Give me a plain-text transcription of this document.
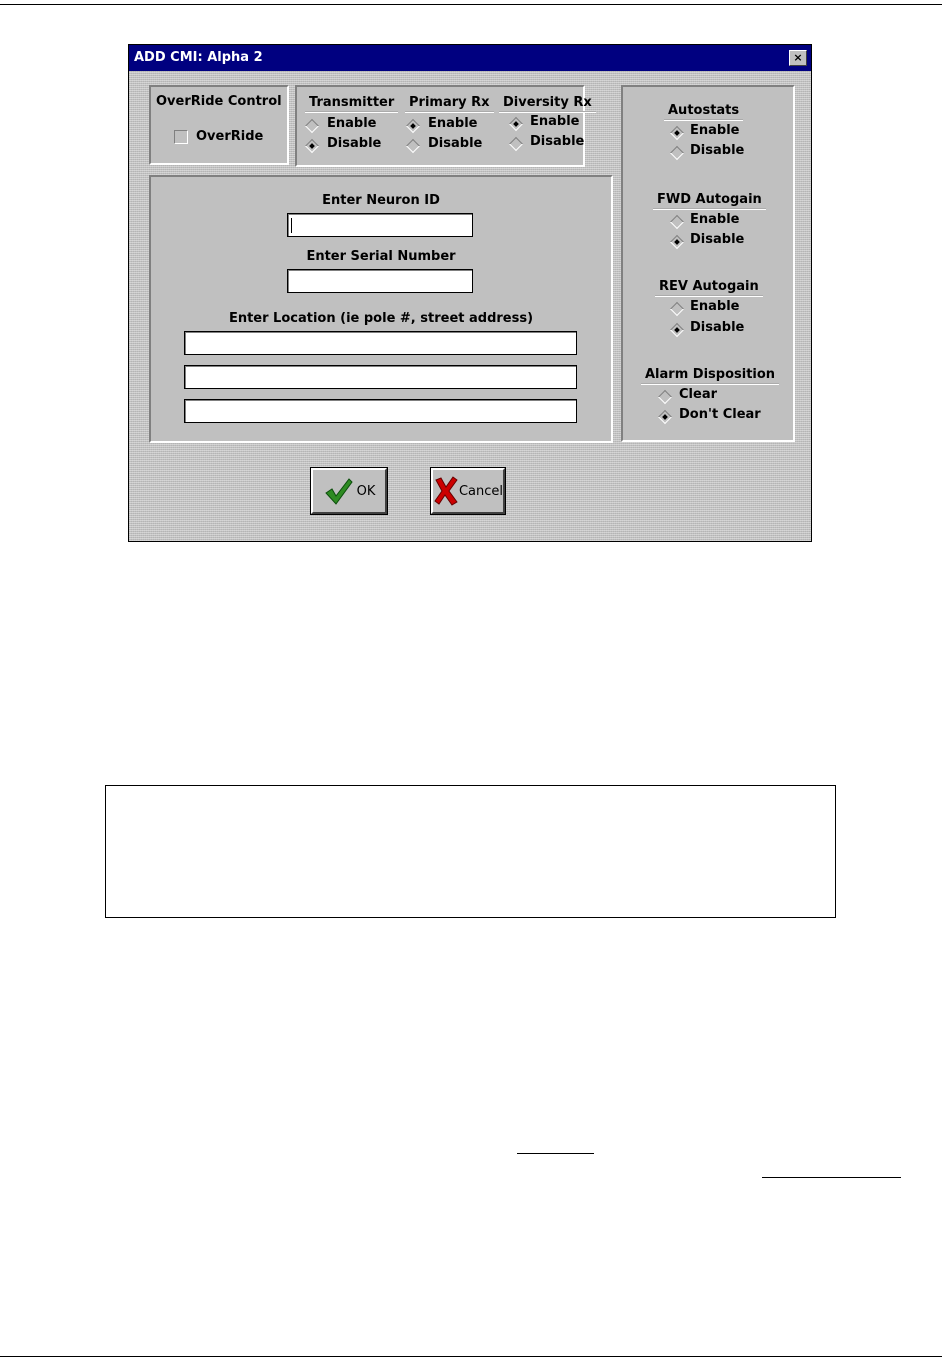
ADD CMI: Alpha 2	×
OverRide Control
OverRide
Transmitter
Enable
Disable
Primary Rx
Enable
Disable
Diversity Rx
Enable
Disable
Enter Neuron ID
Enter Serial Number
Enter Location (ie pole #, street address)
Autostats
Enable
Disable
FWD Autogain
Enable
Disable
REV Autogain
Enable
Disable
Alarm Disposition
Clear
Don't Clear
OK	Cancel
